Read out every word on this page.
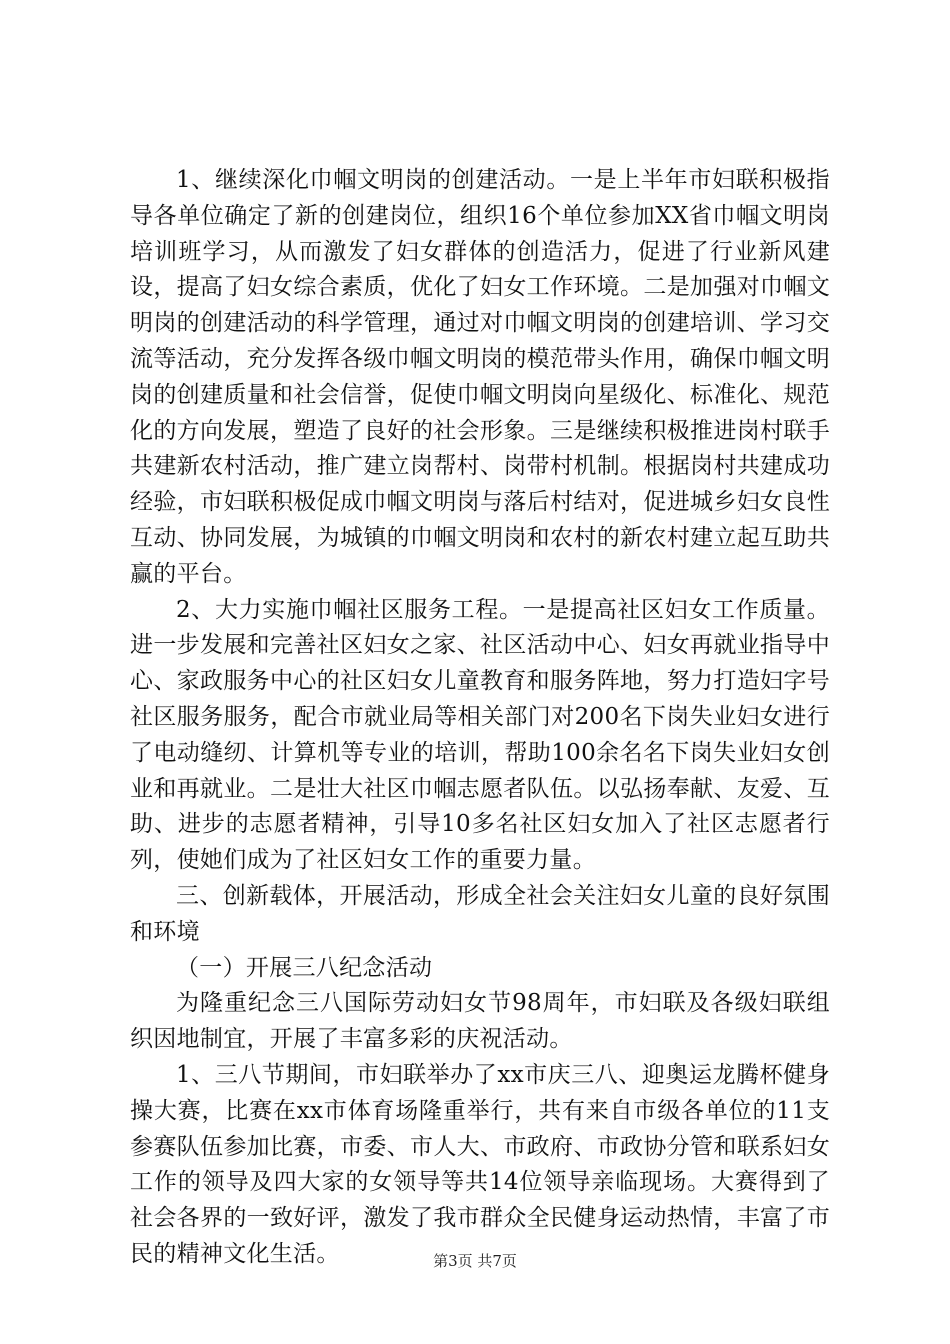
1、继续深化巾帼文明岗的创建活动。一是上半年市妇联积极指导各单位确定了新的创建岗位，组织16个单位参加XX省巾帼文明岗培训班学习，从而激发了妇女群体的创造活力，促进了行业新风建设，提高了妇女综合素质，优化了妇女工作环境。二是加强对巾帼文明岗的创建活动的科学管理，通过对巾帼文明岗的创建培训、学习交流等活动，充分发挥各级巾帼文明岗的模范带头作用，确保巾帼文明岗的创建质量和社会信誉，促使巾帼文明岗向星级化、标准化、规范化的方向发展，塑造了良好的社会形象。三是继续积极推进岗村联手共建新农村活动，推广建立岗帮村、岗带村机制。根据岗村共建成功经验，市妇联积极促成巾帼文明岗与落后村结对，促进城乡妇女良性互动、协同发展，为城镇的巾帼文明岗和农村的新农村建立起互助共赢的平台。

2、大力实施巾帼社区服务工程。一是提高社区妇女工作质量。进一步发展和完善社区妇女之家、社区活动中心、妇女再就业指导中心、家政服务中心的社区妇女儿童教育和服务阵地，努力打造妇字号社区服务服务，配合市就业局等相关部门对200名下岗失业妇女进行了电动缝纫、计算机等专业的培训，帮助100余名名下岗失业妇女创业和再就业。二是壮大社区巾帼志愿者队伍。以弘扬奉献、友爱、互助、进步的志愿者精神，引导10多名社区妇女加入了社区志愿者行列，使她们成为了社区妇女工作的重要力量。

三、创新载体，开展活动，形成全社会关注妇女儿童的良好氛围和环境

（一）开展三八纪念活动

为隆重纪念三八国际劳动妇女节98周年，市妇联及各级妇联组织因地制宜，开展了丰富多彩的庆祝活动。

1、三八节期间，市妇联举办了xx市庆三八、迎奥运龙腾杯健身操大赛，比赛在xx市体育场隆重举行，共有来自市级各单位的11支参赛队伍参加比赛，市委、市人大、市政府、市政协分管和联系妇女工作的领导及四大家的女领导等共14位领导亲临现场。大赛得到了社会各界的一致好评，激发了我市群众全民健身运动热情，丰富了市民的精神文化生活。	第3页 共7页
